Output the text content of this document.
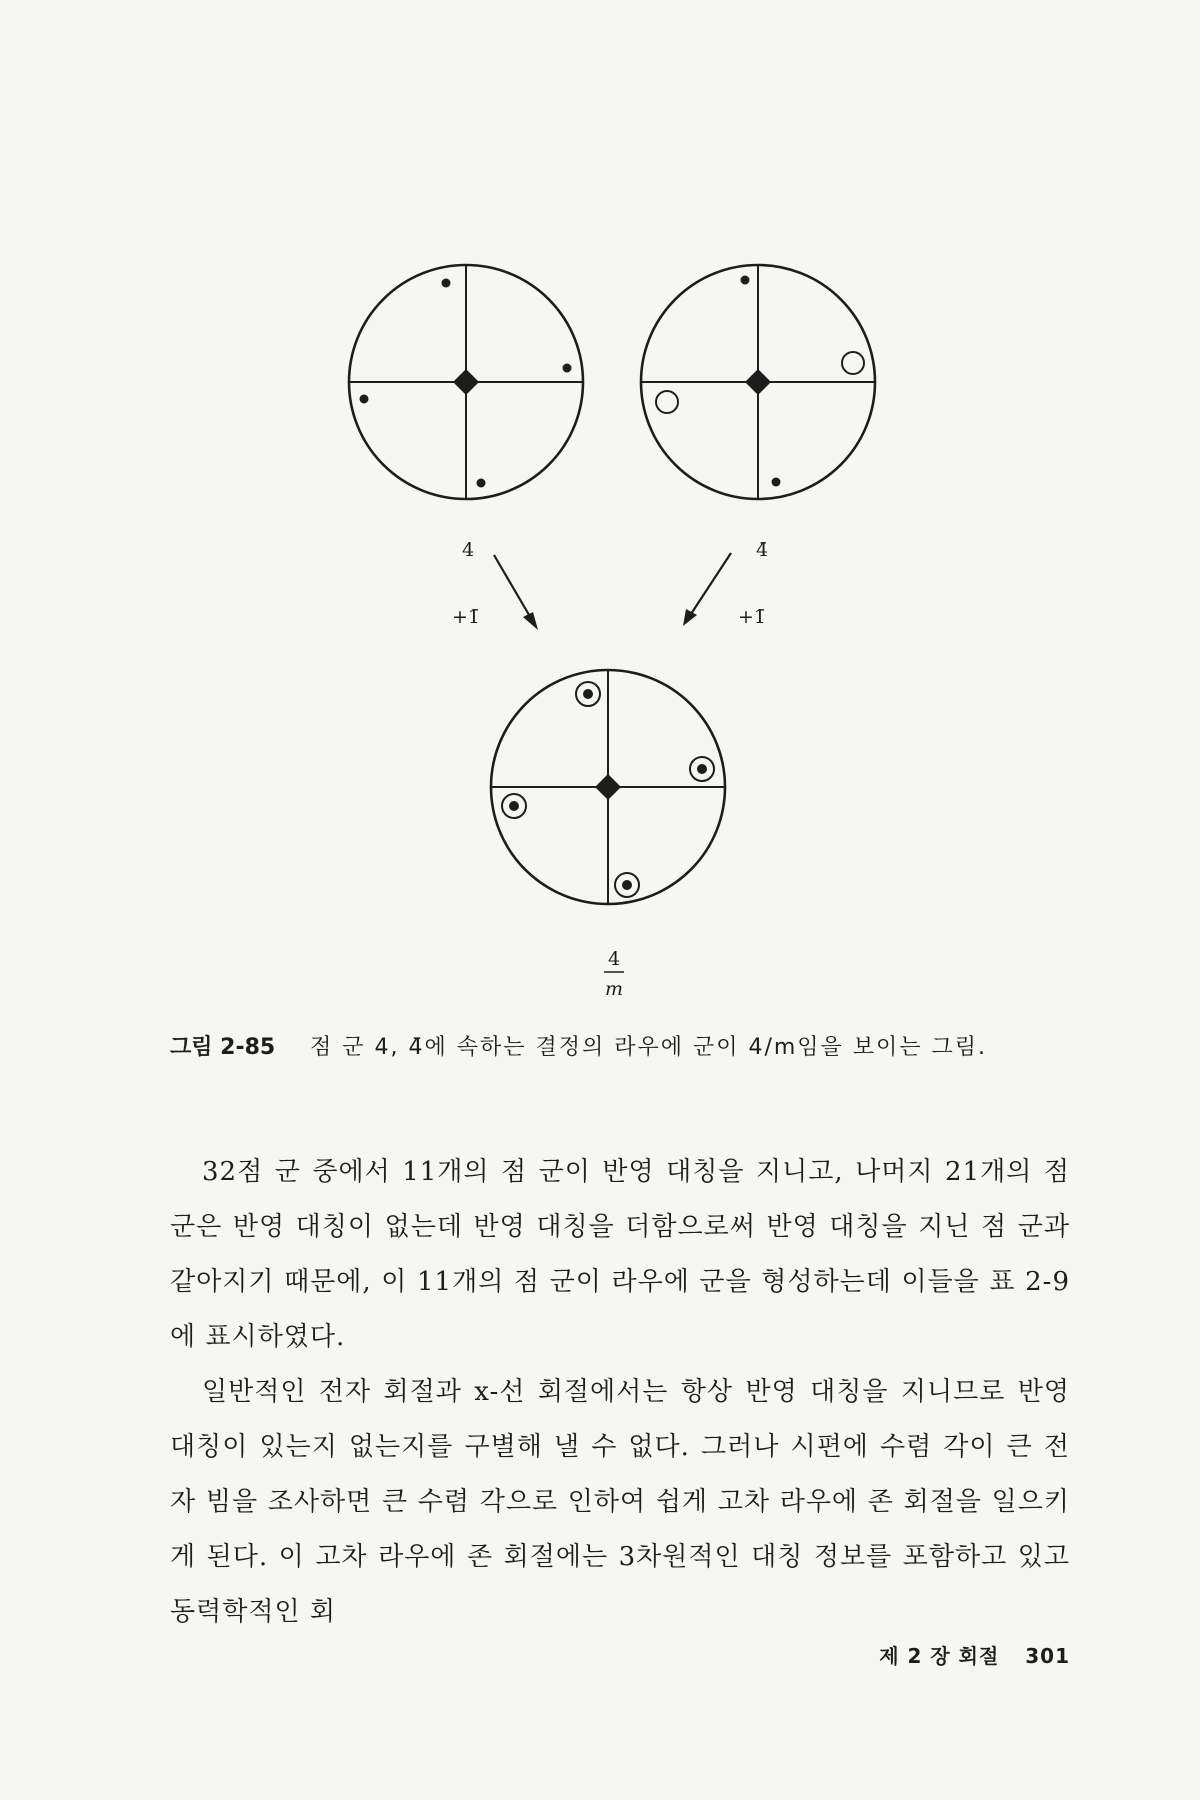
4
+1̄
4̄
+1̄
4
m
그림 2-85	점 군 4, 4̄에 속하는 결정의 라우에 군이 4/m임을 보이는 그림.

32점 군 중에서 11개의 점 군이 반영 대칭을 지니고, 나머지 21개의 점 군은 반영 대칭이 없는데 반영 대칭을 더함으로써 반영 대칭을 지닌 점 군과 같아지기 때문에, 이 11개의 점 군이 라우에 군을 형성하는데 이들을 표 2-9에 표시하였다.

일반적인 전자 회절과 x-선 회절에서는 항상 반영 대칭을 지니므로 반영 대칭이 있는지 없는지를 구별해 낼 수 없다. 그러나 시편에 수렴 각이 큰 전자 빔을 조사하면 큰 수렴 각으로 인하여 쉽게 고차 라우에 존 회절을 일으키게 된다. 이 고차 라우에 존 회절에는 3차원적인 대칭 정보를 포함하고 있고 동력학적인 회

제 2 장 회절 301
